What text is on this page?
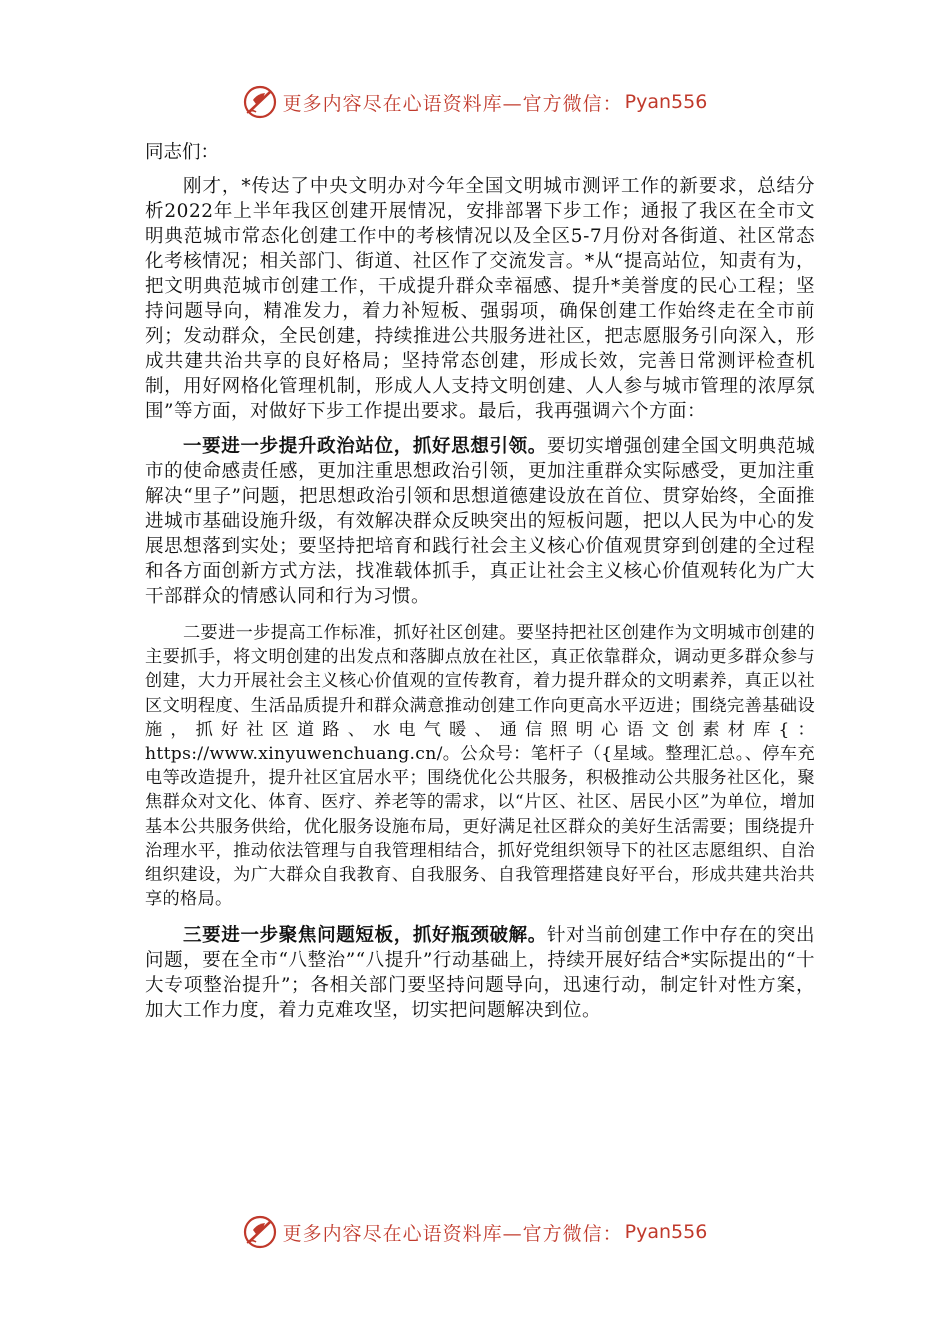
更多内容尽在心语资料库—官方微信： Pyan556
同志们：

刚才，*传达了中央文明办对今年全国文明城市测评工作的新要求，总结分析2022年上半年我区创建开展情况，安排部署下步工作；通报了我区在全市文明典范城市常态化创建工作中的考核情况以及全区5-7月份对各街道、社区常态化考核情况；相关部门、街道、社区作了交流发言。*从“提高站位，知责有为，把文明典范城市创建工作，干成提升群众幸福感、提升*美誉度的民心工程；坚持问题导向，精准发力，着力补短板、强弱项，确保创建工作始终走在全市前列；发动群众，全民创建，持续推进公共服务进社区，把志愿服务引向深入，形成共建共治共享的良好格局；坚持常态创建，形成长效，完善日常测评检查机制，用好网格化管理机制，形成人人支持文明创建、人人参与城市管理的浓厚氛围”等方面，对做好下步工作提出要求。最后，我再强调六个方面：

一要进一步提升政治站位，抓好思想引领。要切实增强创建全国文明典范城市的使命感责任感，更加注重思想政治引领，更加注重群众实际感受，更加注重解决“里子”问题，把思想政治引领和思想道德建设放在首位、贯穿始终，全面推进城市基础设施升级，有效解决群众反映突出的短板问题，把以人民为中心的发展思想落到实处；要坚持把培育和践行社会主义核心价值观贯穿到创建的全过程和各方面创新方式方法，找准载体抓手，真正让社会主义核心价值观转化为广大干部群众的情感认同和行为习惯。

二要进一步提高工作标准，抓好社区创建。要坚持把社区创建作为文明城市创建的主要抓手，将文明创建的出发点和落脚点放在社区，真正依靠群众，调动更多群众参与创建，大力开展社会主义核心价值观的宣传教育，着力提升群众的文明素养，真正以社区文明程度、生活品质提升和群众满意推动创建工作向更高水平迈进；围绕完善基础设施，抓好社区道路、水电气暖、通信照明心语文创素材库{：https://www.xinyuwenchuang.cn/。公众号：笔杆子（{星域。整理汇总。、停车充电等改造提升，提升社区宜居水平；围绕优化公共服务，积极推动公共服务社区化，聚焦群众对文化、体育、医疗、养老等的需求，以“片区、社区、居民小区”为单位，增加基本公共服务供给，优化服务设施布局，更好满足社区群众的美好生活需要；围绕提升治理水平，推动依法管理与自我管理相结合，抓好党组织领导下的社区志愿组织、自治组织建设，为广大群众自我教育、自我服务、自我管理搭建良好平台，形成共建共治共享的格局。

三要进一步聚焦问题短板，抓好瓶颈破解。针对当前创建工作中存在的突出问题，要在全市“八整治”“八提升”行动基础上，持续开展好结合*实际提出的“十大专项整治提升”；各相关部门要坚持问题导向，迅速行动，制定针对性方案，加大工作力度，着力克难攻坚，切实把问题解决到位。

更多内容尽在心语资料库—官方微信： Pyan556
